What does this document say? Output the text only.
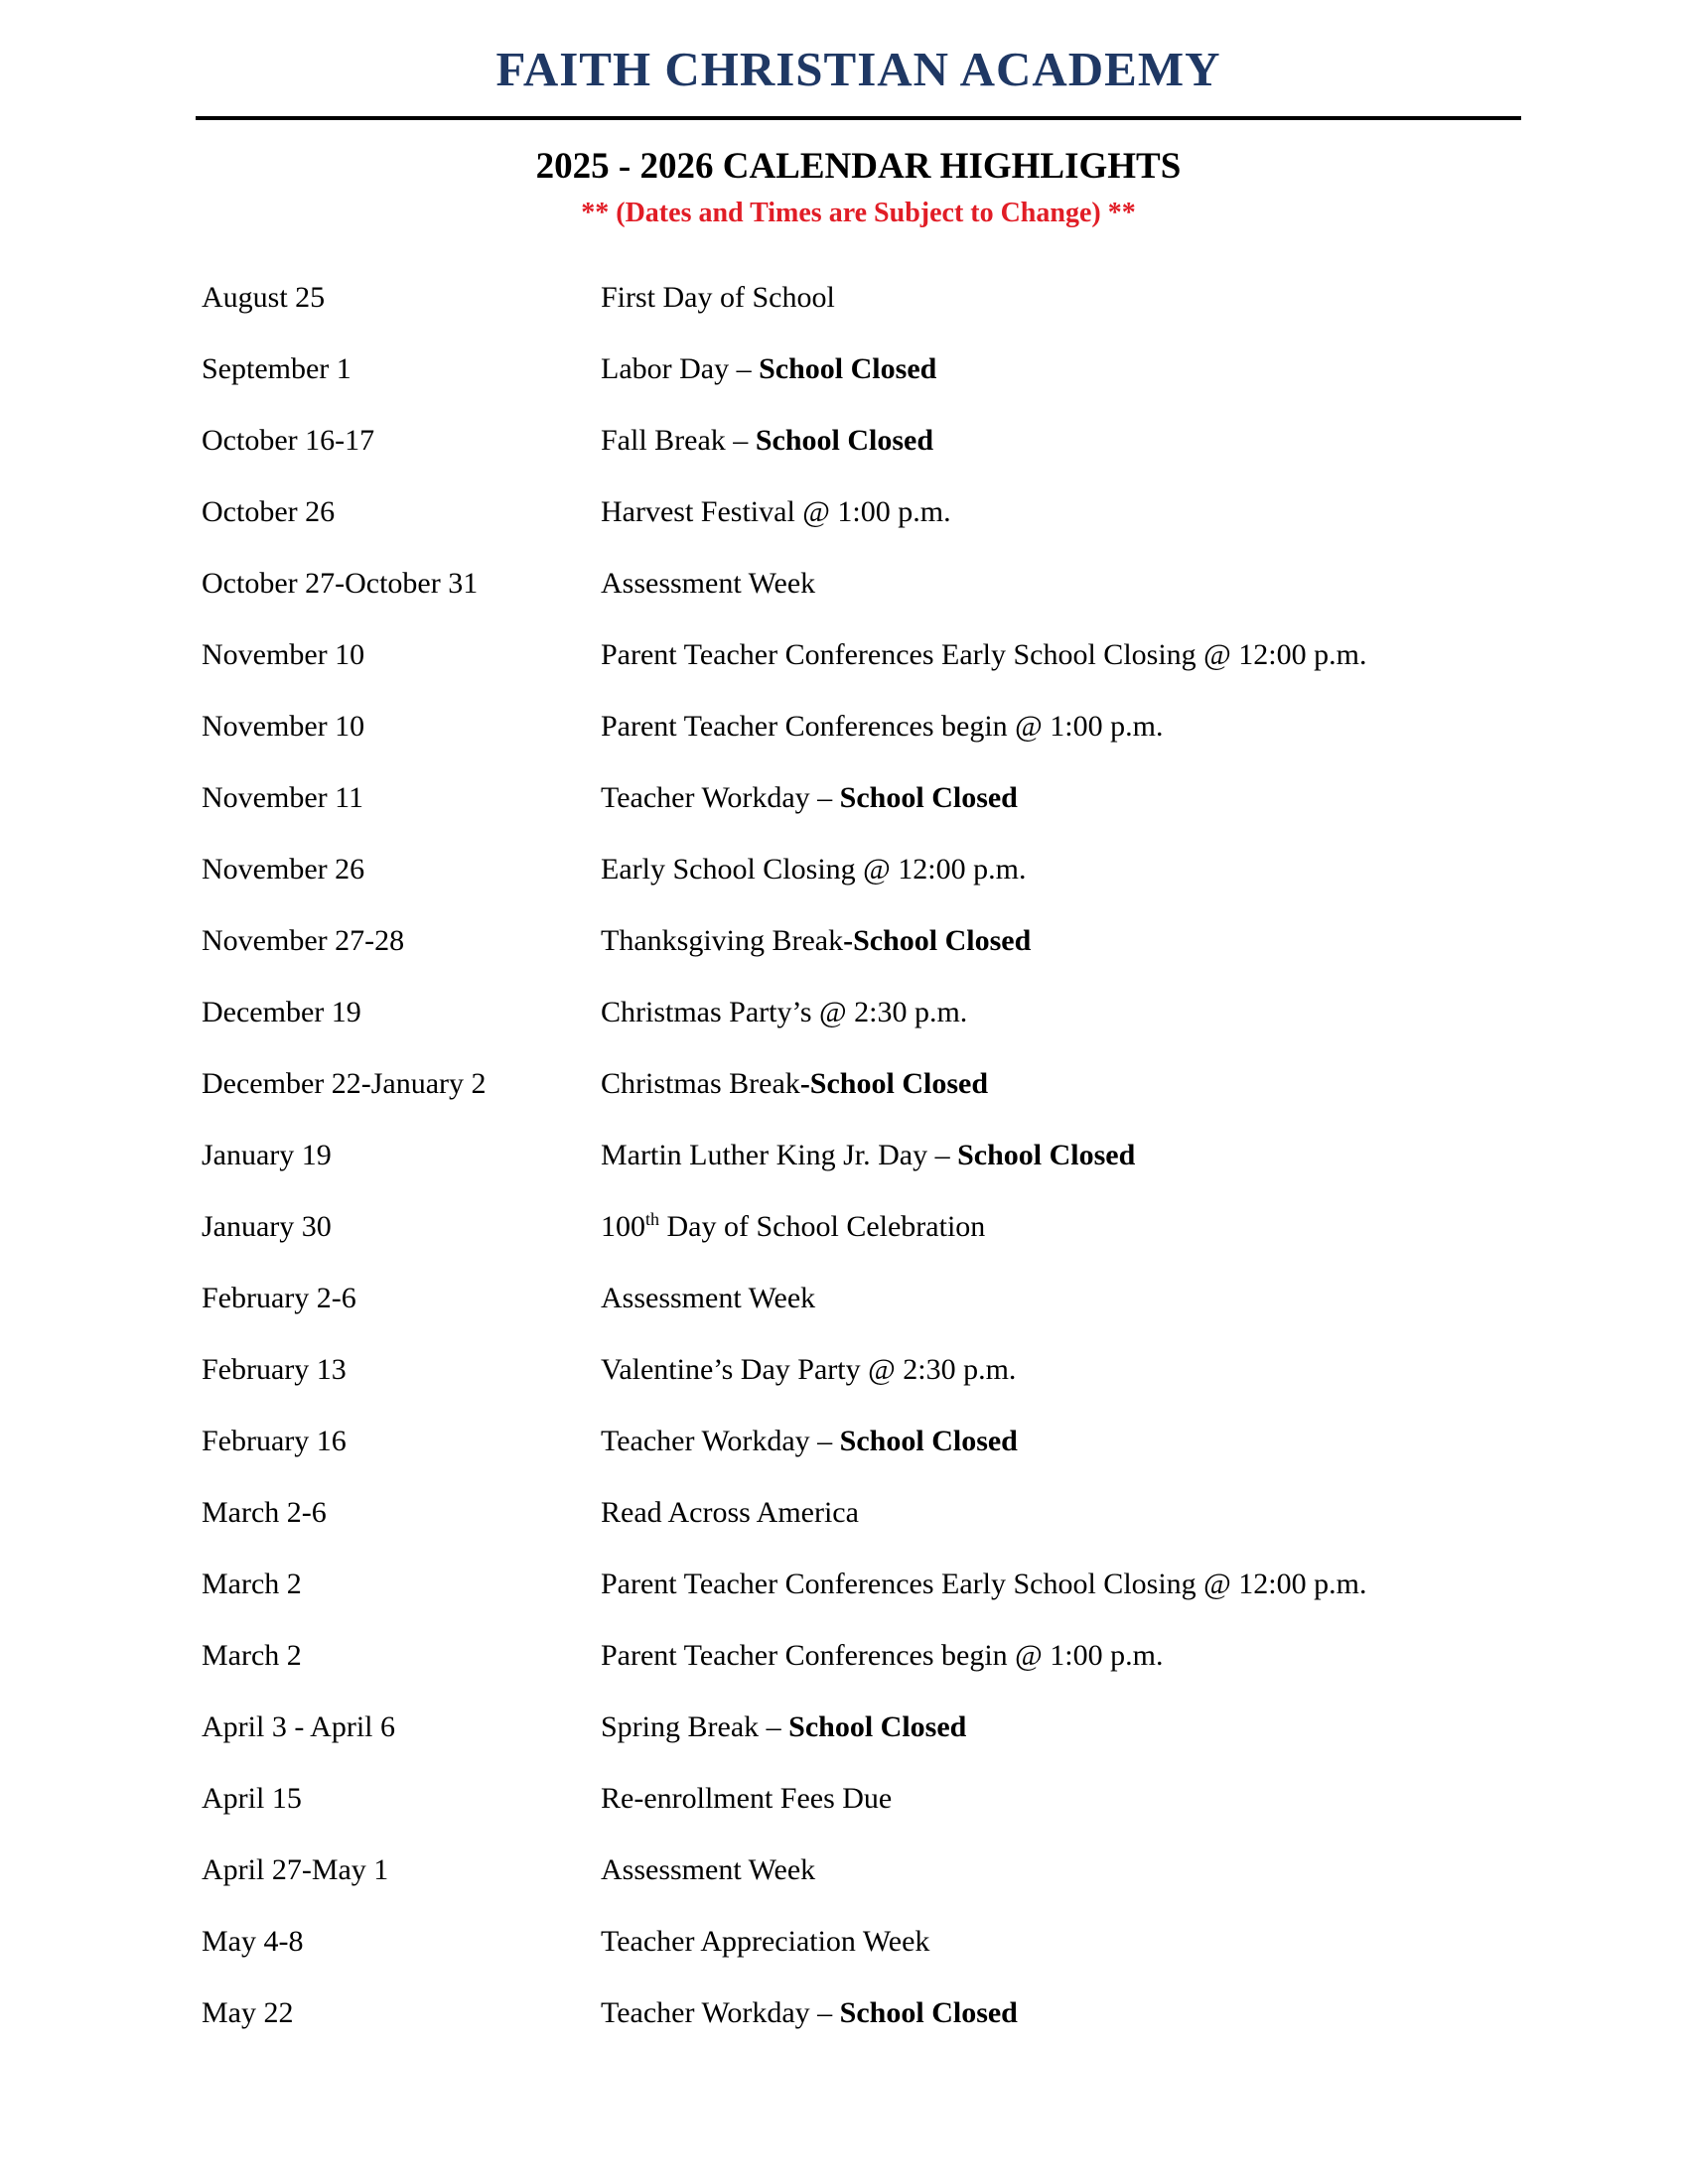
FAITH CHRISTIAN ACADEMY
2025 - 2026 CALENDAR HIGHLIGHTS
** (Dates and Times are Subject to Change) **
August 25	First Day of School
September 1	Labor Day – School Closed
October 16-17	Fall Break – School Closed
October 26	Harvest Festival @ 1:00 p.m.
October 27-October 31	Assessment Week
November 10	Parent Teacher Conferences Early School Closing @ 12:00 p.m.
November 10	Parent Teacher Conferences begin @ 1:00 p.m.
November 11	Teacher Workday – School Closed
November 26	Early School Closing @ 12:00 p.m.
November 27-28	Thanksgiving Break-School Closed
December 19	Christmas Party’s @ 2:30 p.m.
December 22-January 2	Christmas Break-School Closed
January 19	Martin Luther King Jr. Day – School Closed
January 30	100th Day of School Celebration
February 2-6	Assessment Week
February 13	Valentine’s Day Party @ 2:30 p.m.
February 16	Teacher Workday – School Closed
March 2-6	Read Across America
March 2	Parent Teacher Conferences Early School Closing @ 12:00 p.m.
March 2	Parent Teacher Conferences begin @ 1:00 p.m.
April 3 - April 6	Spring Break – School Closed
April 15	Re-enrollment Fees Due
April 27-May 1	Assessment Week
May 4-8	Teacher Appreciation Week
May 22	Teacher Workday – School Closed
